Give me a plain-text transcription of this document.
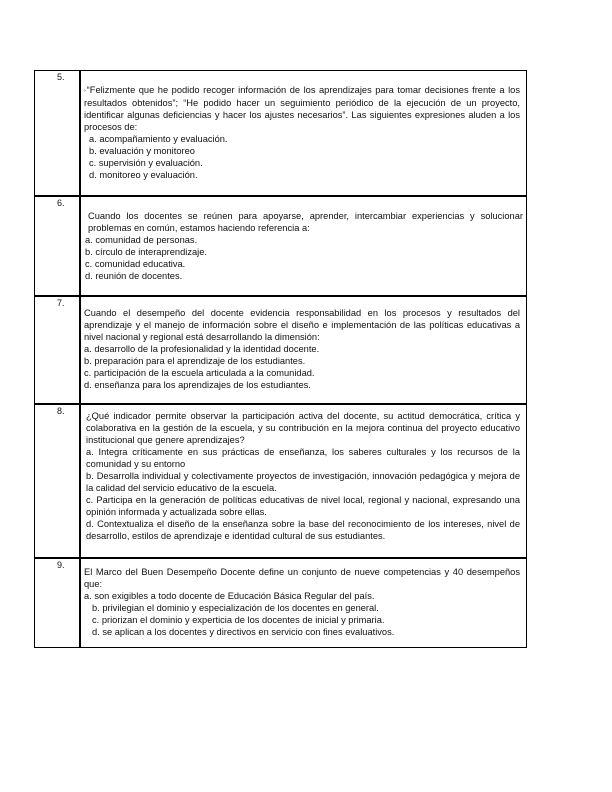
5.

›“Felizmente que he podido recoger información de los aprendizajes para tomar decisiones frente a los resultados obtenidos”; “He podido hacer un seguimiento periódico de la ejecución de un proyecto, identificar algunas deficiencias y hacer los ajustes necesarios”. Las siguientes expresiones aluden a los procesos de:

a. acompañamiento y evaluación.

b. evaluación y monitoreo

c. supervisión y evaluación.

d. monitoreo y evaluación.

6.

Cuando los docentes se reúnen para apoyarse, aprender, intercambiar experiencias y solucionar problemas en común, estamos haciendo referencia a:

a. comunidad de personas.

b. círculo de interaprendizaje.

c. comunidad educativa.

d. reunión de docentes.

7.

Cuando el desempeño del docente evidencia responsabilidad en los procesos y resultados del aprendizaje y el manejo de información sobre el diseño e implementación de las políticas educativas a nivel nacional y regional está desarrollando la dimensión:

a. desarrollo de la profesionalidad y la identidad docente.

b. preparación para el aprendizaje de los estudiantes.

c. participación de la escuela articulada a la comunidad.

d. enseñanza para los aprendizajes de los estudiantes.

8. ¿Qué indicador permite observar la participación activa del docente, su actitud democrática, crítica y colaborativa en la gestión de la escuela, y su contribución en la mejora continua del proyecto educativo institucional que genere aprendizajes?

a. Integra críticamente en sus prácticas de enseñanza, los saberes culturales y los recursos de la comunidad y su entorno

b. Desarrolla individual y colectivamente proyectos de investigación, innovación pedagógica y mejora de la calidad del servicio educativo de la escuela.

c. Participa en la generación de políticas educativas de nivel local, regional y nacional, expresando una opinión informada y actualizada sobre ellas.

d. Contextualiza el diseño de la enseñanza sobre la base del reconocimiento de los intereses, nivel de desarrollo, estilos de aprendizaje e identidad cultural de sus estudiantes.

9.

El Marco del Buen Desempeño Docente define un conjunto de nueve competencias y 40 desempeños que:

a. son exigibles a todo docente de Educación Básica Regular del país.

b. privilegian el dominio y especialización de los docentes en general.

c. priorizan el dominio y experticia de los docentes de inicial y primaria.

d. se aplican a los docentes y directivos en servicio con fines evaluativos.
